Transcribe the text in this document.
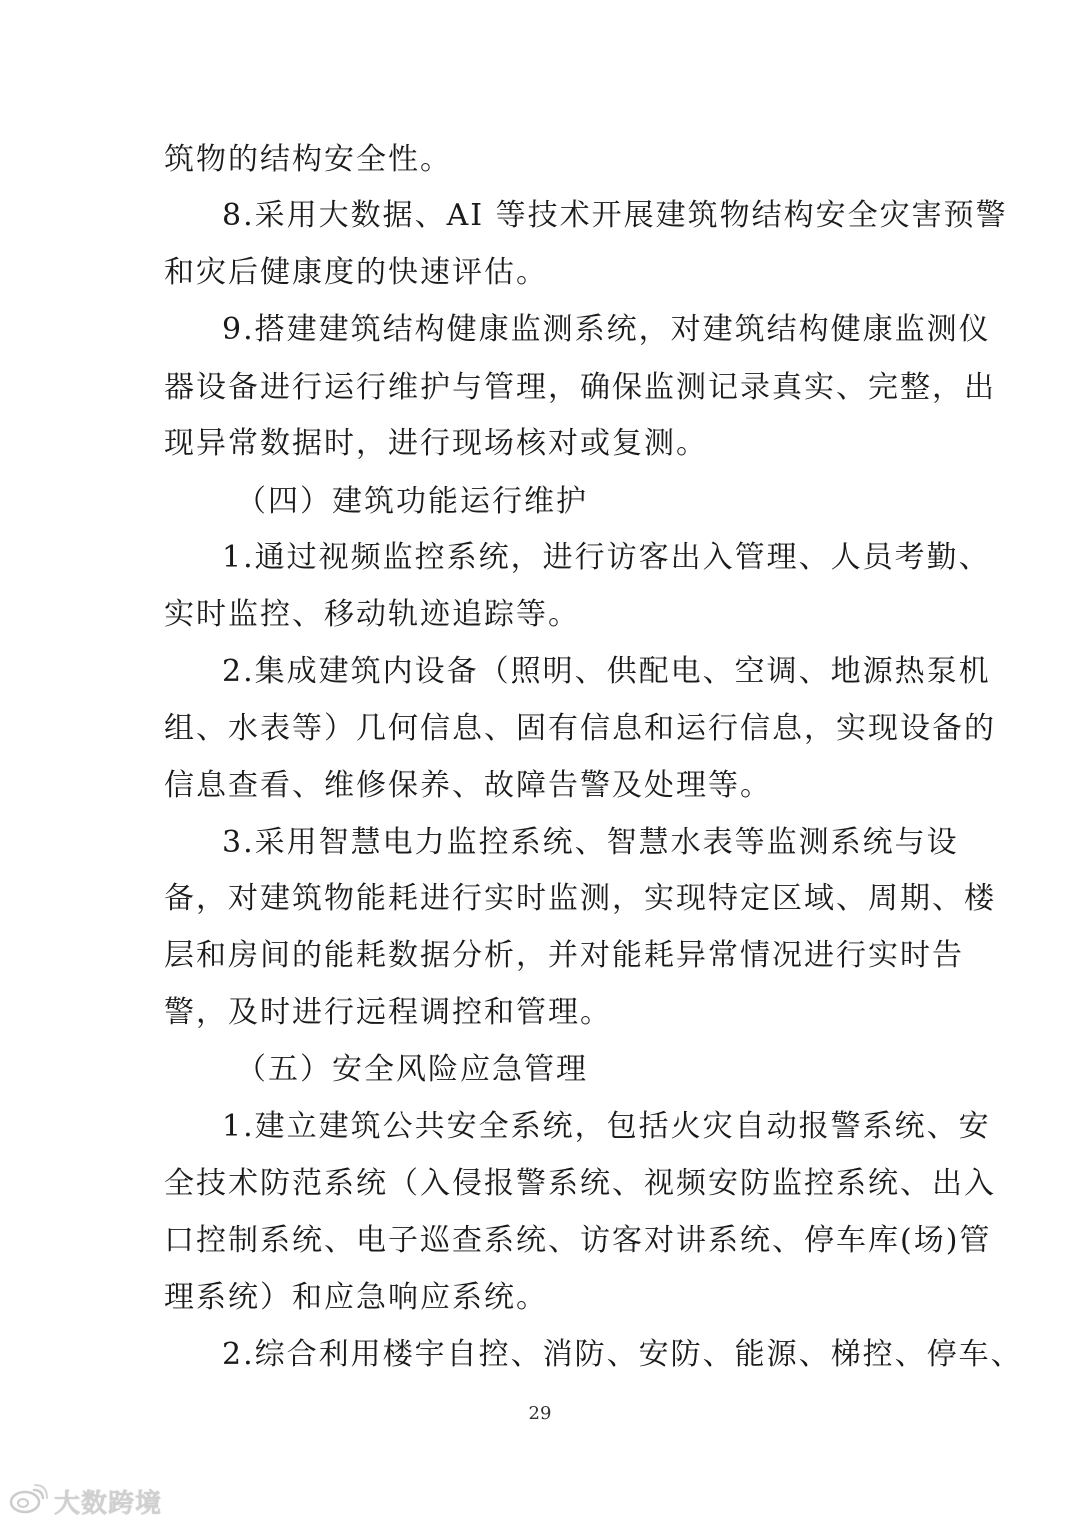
筑物的结构安全性。
8.采用大数据、AI 等技术开展建筑物结构安全灾害预警
和灾后健康度的快速评估。
9.搭建建筑结构健康监测系统，对建筑结构健康监测仪
器设备进行运行维护与管理，确保监测记录真实、完整，出
现异常数据时，进行现场核对或复测。
（四）建筑功能运行维护
1.通过视频监控系统，进行访客出入管理、人员考勤、
实时监控、移动轨迹追踪等。
2.集成建筑内设备（照明、供配电、空调、地源热泵机
组、水表等）几何信息、固有信息和运行信息，实现设备的
信息查看、维修保养、故障告警及处理等。
3.采用智慧电力监控系统、智慧水表等监测系统与设
备，对建筑物能耗进行实时监测，实现特定区域、周期、楼
层和房间的能耗数据分析，并对能耗异常情况进行实时告
警，及时进行远程调控和管理。
（五）安全风险应急管理
1.建立建筑公共安全系统，包括火灾自动报警系统、安
全技术防范系统（入侵报警系统、视频安防监控系统、出入
口控制系统、电子巡查系统、访客对讲系统、停车库(场)管
理系统）和应急响应系统。
2.综合利用楼宇自控、消防、安防、能源、梯控、停车、
29
大数跨境
